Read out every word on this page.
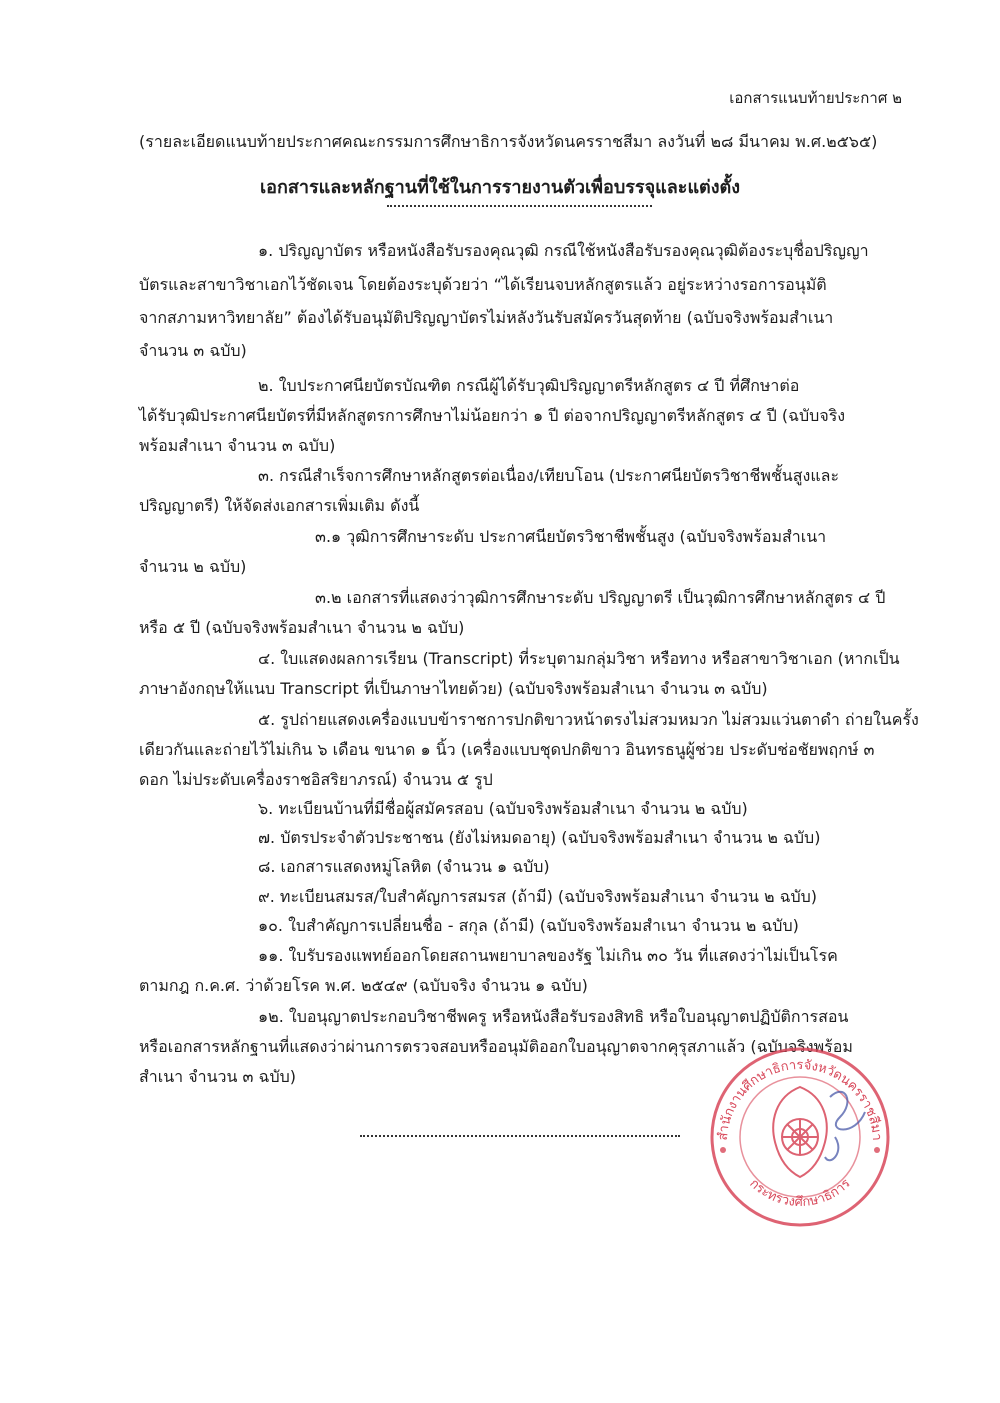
เอกสารแนบท้ายประกาศ ๒
(รายละเอียดแนบท้ายประกาศคณะกรรมการศึกษาธิการจังหวัดนครราชสีมา ลงวันที่ ๒๘ มีนาคม พ.ศ.๒๕๖๕)
เอกสารและหลักฐานที่ใช้ในการรายงานตัวเพื่อบรรจุและแต่งตั้ง
๑. ปริญญาบัตร หรือหนังสือรับรองคุณวุฒิ กรณีใช้หนังสือรับรองคุณวุฒิต้องระบุชื่อปริญญา
บัตรและสาขาวิชาเอกไว้ชัดเจน โดยต้องระบุด้วยว่า “ได้เรียนจบหลักสูตรแล้ว อยู่ระหว่างรอการอนุมัติ
จากสภามหาวิทยาลัย” ต้องได้รับอนุมัติปริญญาบัตรไม่หลังวันรับสมัครวันสุดท้าย (ฉบับจริงพร้อมสำเนา
จำนวน ๓ ฉบับ)
๒. ใบประกาศนียบัตรบัณฑิต กรณีผู้ได้รับวุฒิปริญญาตรีหลักสูตร ๔ ปี ที่ศึกษาต่อ
ได้รับวุฒิประกาศนียบัตรที่มีหลักสูตรการศึกษาไม่น้อยกว่า ๑ ปี ต่อจากปริญญาตรีหลักสูตร ๔ ปี (ฉบับจริง
พร้อมสำเนา จำนวน ๓ ฉบับ)
๓. กรณีสำเร็จการศึกษาหลักสูตรต่อเนื่อง/เทียบโอน (ประกาศนียบัตรวิชาชีพชั้นสูงและ
ปริญญาตรี) ให้จัดส่งเอกสารเพิ่มเติม ดังนี้
๓.๑ วุฒิการศึกษาระดับ ประกาศนียบัตรวิชาชีพชั้นสูง (ฉบับจริงพร้อมสำเนา
จำนวน ๒ ฉบับ)
๓.๒ เอกสารที่แสดงว่าวุฒิการศึกษาระดับ ปริญญาตรี เป็นวุฒิการศึกษาหลักสูตร ๔ ปี
หรือ ๕ ปี (ฉบับจริงพร้อมสำเนา จำนวน ๒ ฉบับ)
๔. ใบแสดงผลการเรียน (Transcript) ที่ระบุตามกลุ่มวิชา หรือทาง หรือสาขาวิชาเอก (หากเป็น
ภาษาอังกฤษให้แนบ Transcript ที่เป็นภาษาไทยด้วย) (ฉบับจริงพร้อมสำเนา จำนวน ๓ ฉบับ)
๕. รูปถ่ายแสดงเครื่องแบบข้าราชการปกติขาวหน้าตรงไม่สวมหมวก ไม่สวมแว่นตาดำ ถ่ายในครั้ง
เดียวกันและถ่ายไว้ไม่เกิน ๖ เดือน ขนาด ๑ นิ้ว (เครื่องแบบชุดปกติขาว อินทรธนูผู้ช่วย ประดับช่อชัยพฤกษ์ ๓
ดอก ไม่ประดับเครื่องราชอิสริยาภรณ์) จำนวน ๕ รูป
๖. ทะเบียนบ้านที่มีชื่อผู้สมัครสอบ (ฉบับจริงพร้อมสำเนา จำนวน ๒ ฉบับ)
๗. บัตรประจำตัวประชาชน (ยังไม่หมดอายุ) (ฉบับจริงพร้อมสำเนา จำนวน ๒ ฉบับ)
๘. เอกสารแสดงหมู่โลหิต (จำนวน ๑ ฉบับ)
๙. ทะเบียนสมรส/ใบสำคัญการสมรส (ถ้ามี) (ฉบับจริงพร้อมสำเนา จำนวน ๒ ฉบับ)
๑๐. ใบสำคัญการเปลี่ยนชื่อ - สกุล (ถ้ามี) (ฉบับจริงพร้อมสำเนา จำนวน ๒ ฉบับ)
๑๑. ใบรับรองแพทย์ออกโดยสถานพยาบาลของรัฐ ไม่เกิน ๓๐ วัน ที่แสดงว่าไม่เป็นโรค
ตามกฎ ก.ค.ศ. ว่าด้วยโรค พ.ศ. ๒๕๔๙ (ฉบับจริง จำนวน ๑ ฉบับ)
๑๒. ใบอนุญาตประกอบวิชาชีพครู หรือหนังสือรับรองสิทธิ หรือใบอนุญาตปฏิบัติการสอน
หรือเอกสารหลักฐานที่แสดงว่าผ่านการตรวจสอบหรืออนุมัติออกใบอนุญาตจากคุรุสภาแล้ว (ฉบับจริงพร้อม
สำเนา จำนวน ๓ ฉบับ)
สำนักงานศึกษาธิการจังหวัดนครราชสีมา
กระทรวงศึกษาธิการ
